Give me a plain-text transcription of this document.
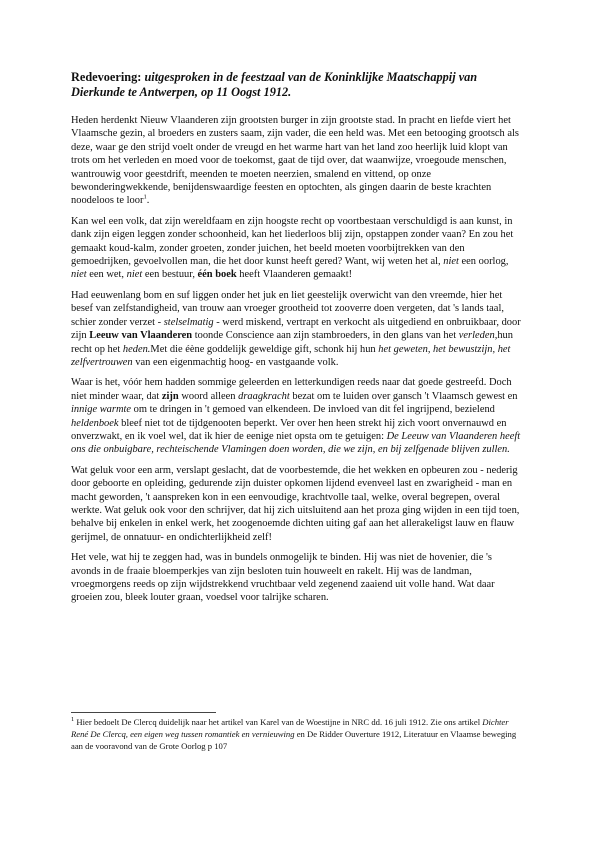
Redevoering: uitgesproken in de feestzaal van de Koninklijke Maatschappij van Dierkunde te Antwerpen, op 11 Oogst 1912.

Heden herdenkt Nieuw Vlaanderen zijn grootsten burger in zijn grootste stad. In pracht en liefde viert het Vlaamsche gezin, al broeders en zusters saam, zijn vader, die een held was. Met een betooging grootsch als deze, waar ge den strijd voelt onder de vreugd en het warme hart van het land zoo heerlijk luid klopt van trots om het verleden en moed voor de toekomst, gaat de tijd over, dat waanwijze, vroegoude menschen, wantrouwig voor geestdrift, meenden te moeten neerzien, smalend en vittend, op onze bewonderingwekkende, benijdenswaardige feesten en optochten, als gingen daarin de beste krachten noodeloos te loor$^1$.

Kan wel een volk, dat zijn wereldfaam en zijn hoogste recht op voortbestaan verschuldigd is aan kunst, in dank zijn eigen leggen zonder schoonheid, kan het liederloos blij zijn, opstappen zonder vaan? En zou het gemaakt koud-kalm, zonder groeten, zonder juichen, het beeld moeten voorbijtrekken van den gemoedrijken, gevoelvollen man, die het door kunst heeft gered? Want, wij weten het al, niet een oorlog, niet een wet, niet een bestuur, één boek heeft Vlaanderen gemaakt!

Had eeuwenlang bom en suf liggen onder het juk en liet geestelijk overwicht van den vreemde, hier het besef van zelfstandigheid, van trouw aan vroeger grootheid tot zooverre doen vergeten, dat 's lands taal, schier zonder verzet - stelselmatig - werd miskend, vertrapt en verkocht als uitgediend en onbruikbaar, door zijn Leeuw van Vlaanderen toonde Conscience aan zijn stambroeders, in den glans van het verleden,hun recht op het heden.Met die éène goddelijk geweldige gift, schonk hij hun het geweten, het bewustzijn, het zelfvertrouwen van een eigenmachtig hoog- en vastgaande volk.

Waar is het, vóór hem hadden sommige geleerden en letterkundigen reeds naar dat goede gestreefd. Doch niet minder waar, dat zijn woord alleen draagkracht bezat om te luiden over gansch 't Vlaamsch gewest en innige warmte om te dringen in 't gemoed van elkendeen. De invloed van dit fel ingrijpend, bezielend heldenboek bleef niet tot de tijdgenooten beperkt. Ver over hen heen strekt hij zich voort onvernauwd en onverzwakt, en ik voel wel, dat ik hier de eenige niet opsta om te getuigen: De Leeuw van Vlaanderen heeft ons die onbuigbare, rechteischende Vlamingen doen worden, die we zijn, en bij zelfgenade blijven zullen.

Wat geluk voor een arm, verslapt geslacht, dat de voorbestemde, die het wekken en opbeuren zou - nederig door geboorte en opleiding, gedurende zijn duister opkomen lijdend evenveel last en zwarigheid - man en macht geworden, 't aanspreken kon in een eenvoudige, krachtvolle taal, welke, overal begrepen, overal werkte. Wat geluk ook voor den schrijver, dat hij zich uitsluitend aan het proza ging wijden in een tijd toen, behalve bij enkelen in enkel werk, het zoogenoemde dichten uiting gaf aan het allerakeligst lauw en flauw gerijmel, de onnatuur- en ondichterlijkheid zelf!

Het vele, wat hij te zeggen had, was in bundels onmogelijk te binden. Hij was niet de hovenier, die 's avonds in de fraaie bloemperkjes van zijn besloten tuin houweelt en rakelt. Hij was de landman, vroegmorgens reeds op zijn wijdstrekkend vruchtbaar veld zegenend zaaiend uit volle hand. Wat daar groeien zou, bleek louter graan, voedsel voor talrijke scharen.

$^1$ Hier bedoelt De Clercq duidelijk naar het artikel van Karel van de Woestijne in NRC dd. 16 juli 1912. Zie ons artikel Dichter René De Clercq, een eigen weg tussen romantiek en vernieuwing en De Ridder Ouverture 1912, Literatuur en Vlaamse beweging aan de vooravond van de Grote Oorlog p 107
